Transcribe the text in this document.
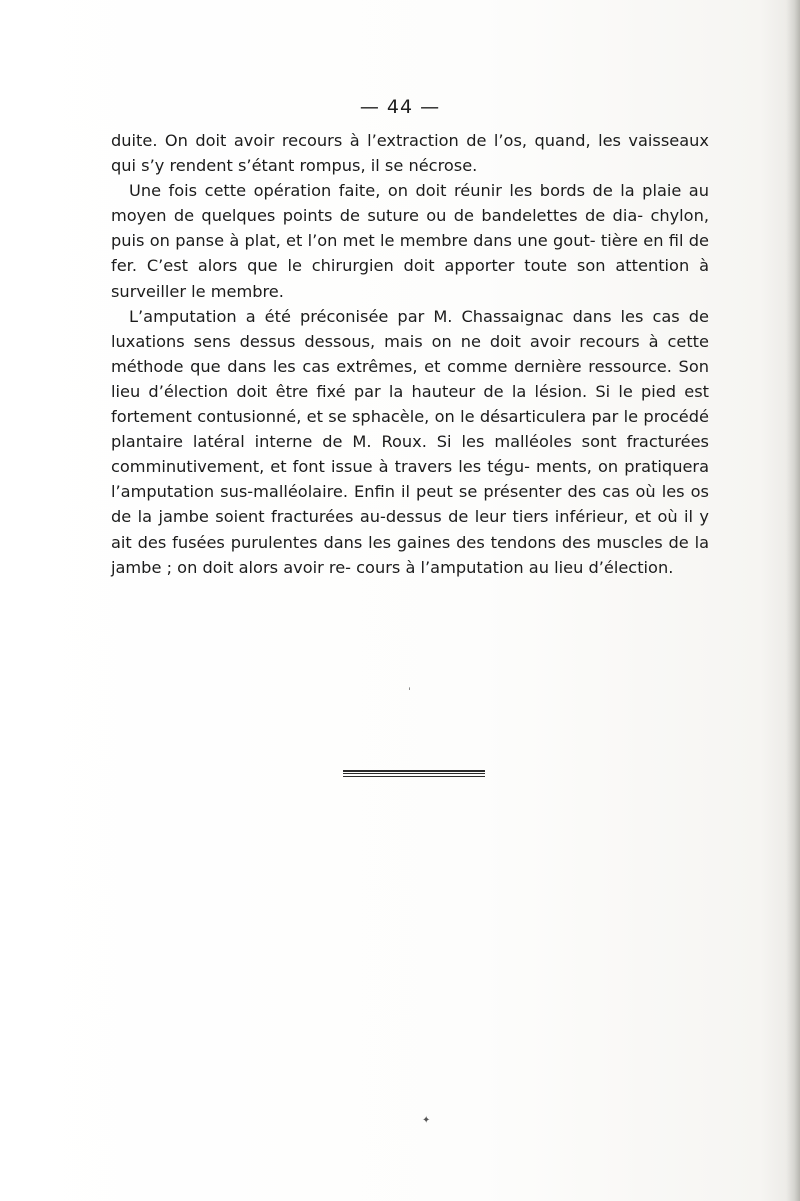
— 44 —

duite. On doit avoir recours à l’extraction de l’os, quand, les vaisseaux qui s’y rendent s’étant rompus, il se nécrose.

Une fois cette opération faite, on doit réunir les bords de la plaie au moyen de quelques points de suture ou de bandelettes de dia- chylon, puis on panse à plat, et l’on met le membre dans une gout- tière en fil de fer. C’est alors que le chirurgien doit apporter toute son attention à surveiller le membre.

L’amputation a été préconisée par M. Chassaignac dans les cas de luxations sens dessus dessous, mais on ne doit avoir recours à cette méthode que dans les cas extrêmes, et comme dernière ressource. Son lieu d’élection doit être fixé par la hauteur de la lésion. Si le pied est fortement contusionné, et se sphacèle, on le désarticulera par le procédé plantaire latéral interne de M. Roux. Si les malléoles sont fracturées comminutivement, et font issue à travers les tégu- ments, on pratiquera l’amputation sus-malléolaire. Enfin il peut se présenter des cas où les os de la jambe soient fracturées au-dessus de leur tiers inférieur, et où il y ait des fusées purulentes dans les gaines des tendons des muscles de la jambe ; on doit alors avoir re- cours à l’amputation au lieu d’élection.

ˈ
✦
